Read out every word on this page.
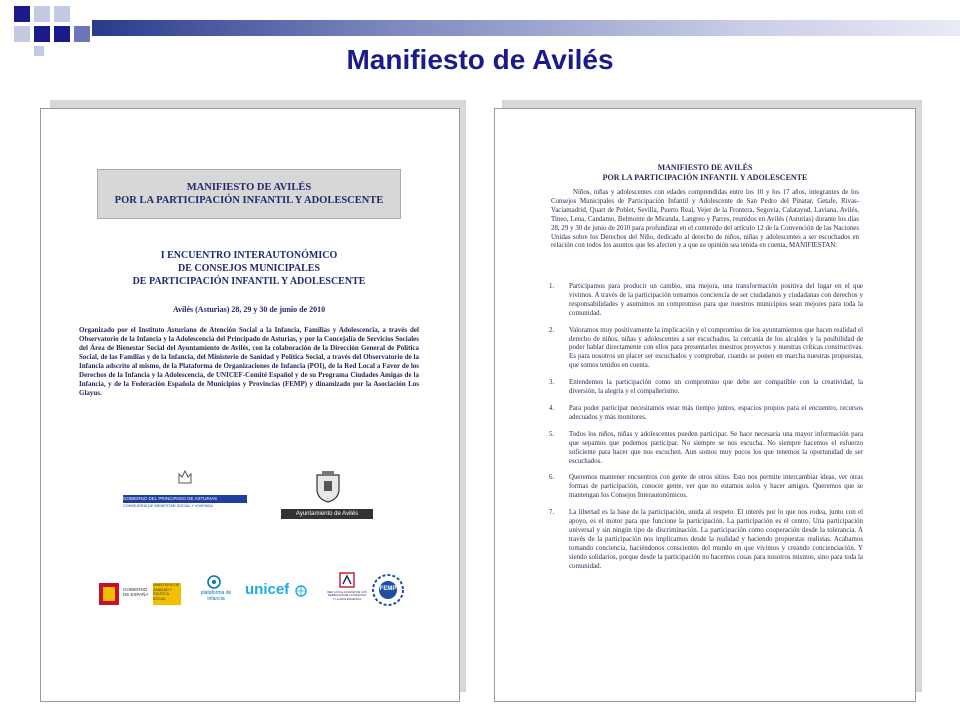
Manifiesto de Avilés
MANIFIESTO DE AVILÉS
POR LA PARTICIPACIÓN INFANTIL Y ADOLESCENTE
I ENCUENTRO INTERAUTONÓMICO
DE CONSEJOS MUNICIPALES
DE PARTICIPACIÓN INFANTIL Y ADOLESCENTE
Avilés (Asturias) 28, 29 y 30 de junio de 2010
Organizado por el Instituto Asturiano de Atención Social a la Infancia, Familias y Adolescencia, a través del Observatorio de la Infancia y la Adolescencia del Principado de Asturias, y por la Concejalía de Servicios Sociales del Área de Bienestar Social del Ayuntamiento de Avilés, con la colaboración de la Dirección General de Política Social, de las Familias y de la Infancia, del Ministerio de Sanidad y Política Social, a través del Observatorio de la Infancia adscrito al mismo, de la Plataforma de Organizaciones de Infancia (POI), de la Red Local a Favor de los Derechos de la Infancia y la Adolescencia, de UNICEF-Comité Español y de su Programa Ciudades Amigas de la Infancia, y de la Federación Española de Municipios y Provincias (FEMP) y dinamizado por la Asociación Los Glayus.
GOBIERNO DEL PRINCIPADO DE ASTURIAS
CONSEJERÍA DE BIENESTAR SOCIAL Y VIVIENDA
Ayuntamiento de Avilés
GOBIERNO DE ESPAÑA
MINISTERIO DE SANIDAD Y POLÍTICA SOCIAL
plataforma de infancia
unicef	RED LOCAL A FAVOR DE LOS DERECHOS DE LA INFANCIA Y LA ADOLESCENCIA
FEMP
MANIFIESTO DE AVILÉS
POR LA PARTICIPACIÓN INFANTIL Y ADOLESCENTE
Niños, niñas y adolescentes con edades comprendidas entre los 10 y los 17 años, integrantes de los Consejos Municipales de Participación Infantil y Adolescente de San Pedro del Pinatar, Getafe, Rivas-Vaciamadrid, Quart de Poblet, Sevilla, Puerto Real, Vejer de la Frontera, Segovia, Calatayud, Laviana, Avilés, Tineo, Lena, Candamo, Belmonte de Miranda, Langreo y Parres, reunidos en Avilés (Asturias) durante los días 28, 29 y 30 de junio de 2010 para profundizar en el contenido del artículo 12 de la Convención de las Naciones Unidas sobre los Derechos del Niño, dedicado al derecho de niños, niñas y adolescentes a ser escuchados en relación con todos los asuntos que les afecten y a que su opinión sea tenida en cuenta, MANIFIESTAN:
1. Participamos para producir un cambio, una mejora, una transformación positiva del lugar en el que vivimos. A través de la participación tomamos conciencia de ser ciudadanos y ciudadanas con derechos y responsabilidades y asumimos un compromiso para que nuestros municipios sean mejores para toda la comunidad.
2. Valoramos muy positivamente la implicación y el compromiso de los ayuntamientos que hacen realidad el derecho de niños, niñas y adolescentes a ser escuchados, la cercanía de los alcaldes y la posibilidad de poder hablar directamente con ellos para presentarles nuestros proyectos y nuestras críticas constructivas. Es para nosotros un placer ser escuchados y comprobar, cuando se ponen en marcha nuestras propuestas, que somos tenidos en cuenta.
3. Entendemos la participación como un compromiso que debe ser compatible con la creatividad, la diversión, la alegría y el compañerismo.
4. Para poder participar necesitamos estar más tiempo juntos, espacios propios para el encuentro, recursos adecuados y más monitores.
5. Todos los niños, niñas y adolescentes pueden participar. Se hace necesaria una mayor información para que sepamos que podemos participar. No siempre se nos escucha. No siempre hacemos el esfuerzo suficiente para hacer que nos escuchen. Aun somos muy pocos los que tenemos la oportunidad de ser escuchados.
6. Queremos mantener encuentros con gente de otros sitios. Esto nos permite intercambiar ideas, ver otras formas de participación, conocer gente, ver que no estamos solos y hacer amigos. Queremos que se mantengan los Consejos Interautonómicos.
7. La libertad es la base de la participación, unida al respeto. El interés por lo que nos rodea, junto con el apoyo, es el motor para que funcione la participación. La participación es el centro. Una participación universal y sin ningún tipo de discriminación. La participación como cooperación desde la tolerancia. A través de la participación nos implicamos desde la realidad y haciendo propuestas realistas. Acabamos tomando conciencia, haciéndonos conscientes del mundo en que vivimos y creando concienciación. Y siendo solidarios, porque desde la participación no hacemos cosas para nosotros mismos, sino para toda la comunidad.
